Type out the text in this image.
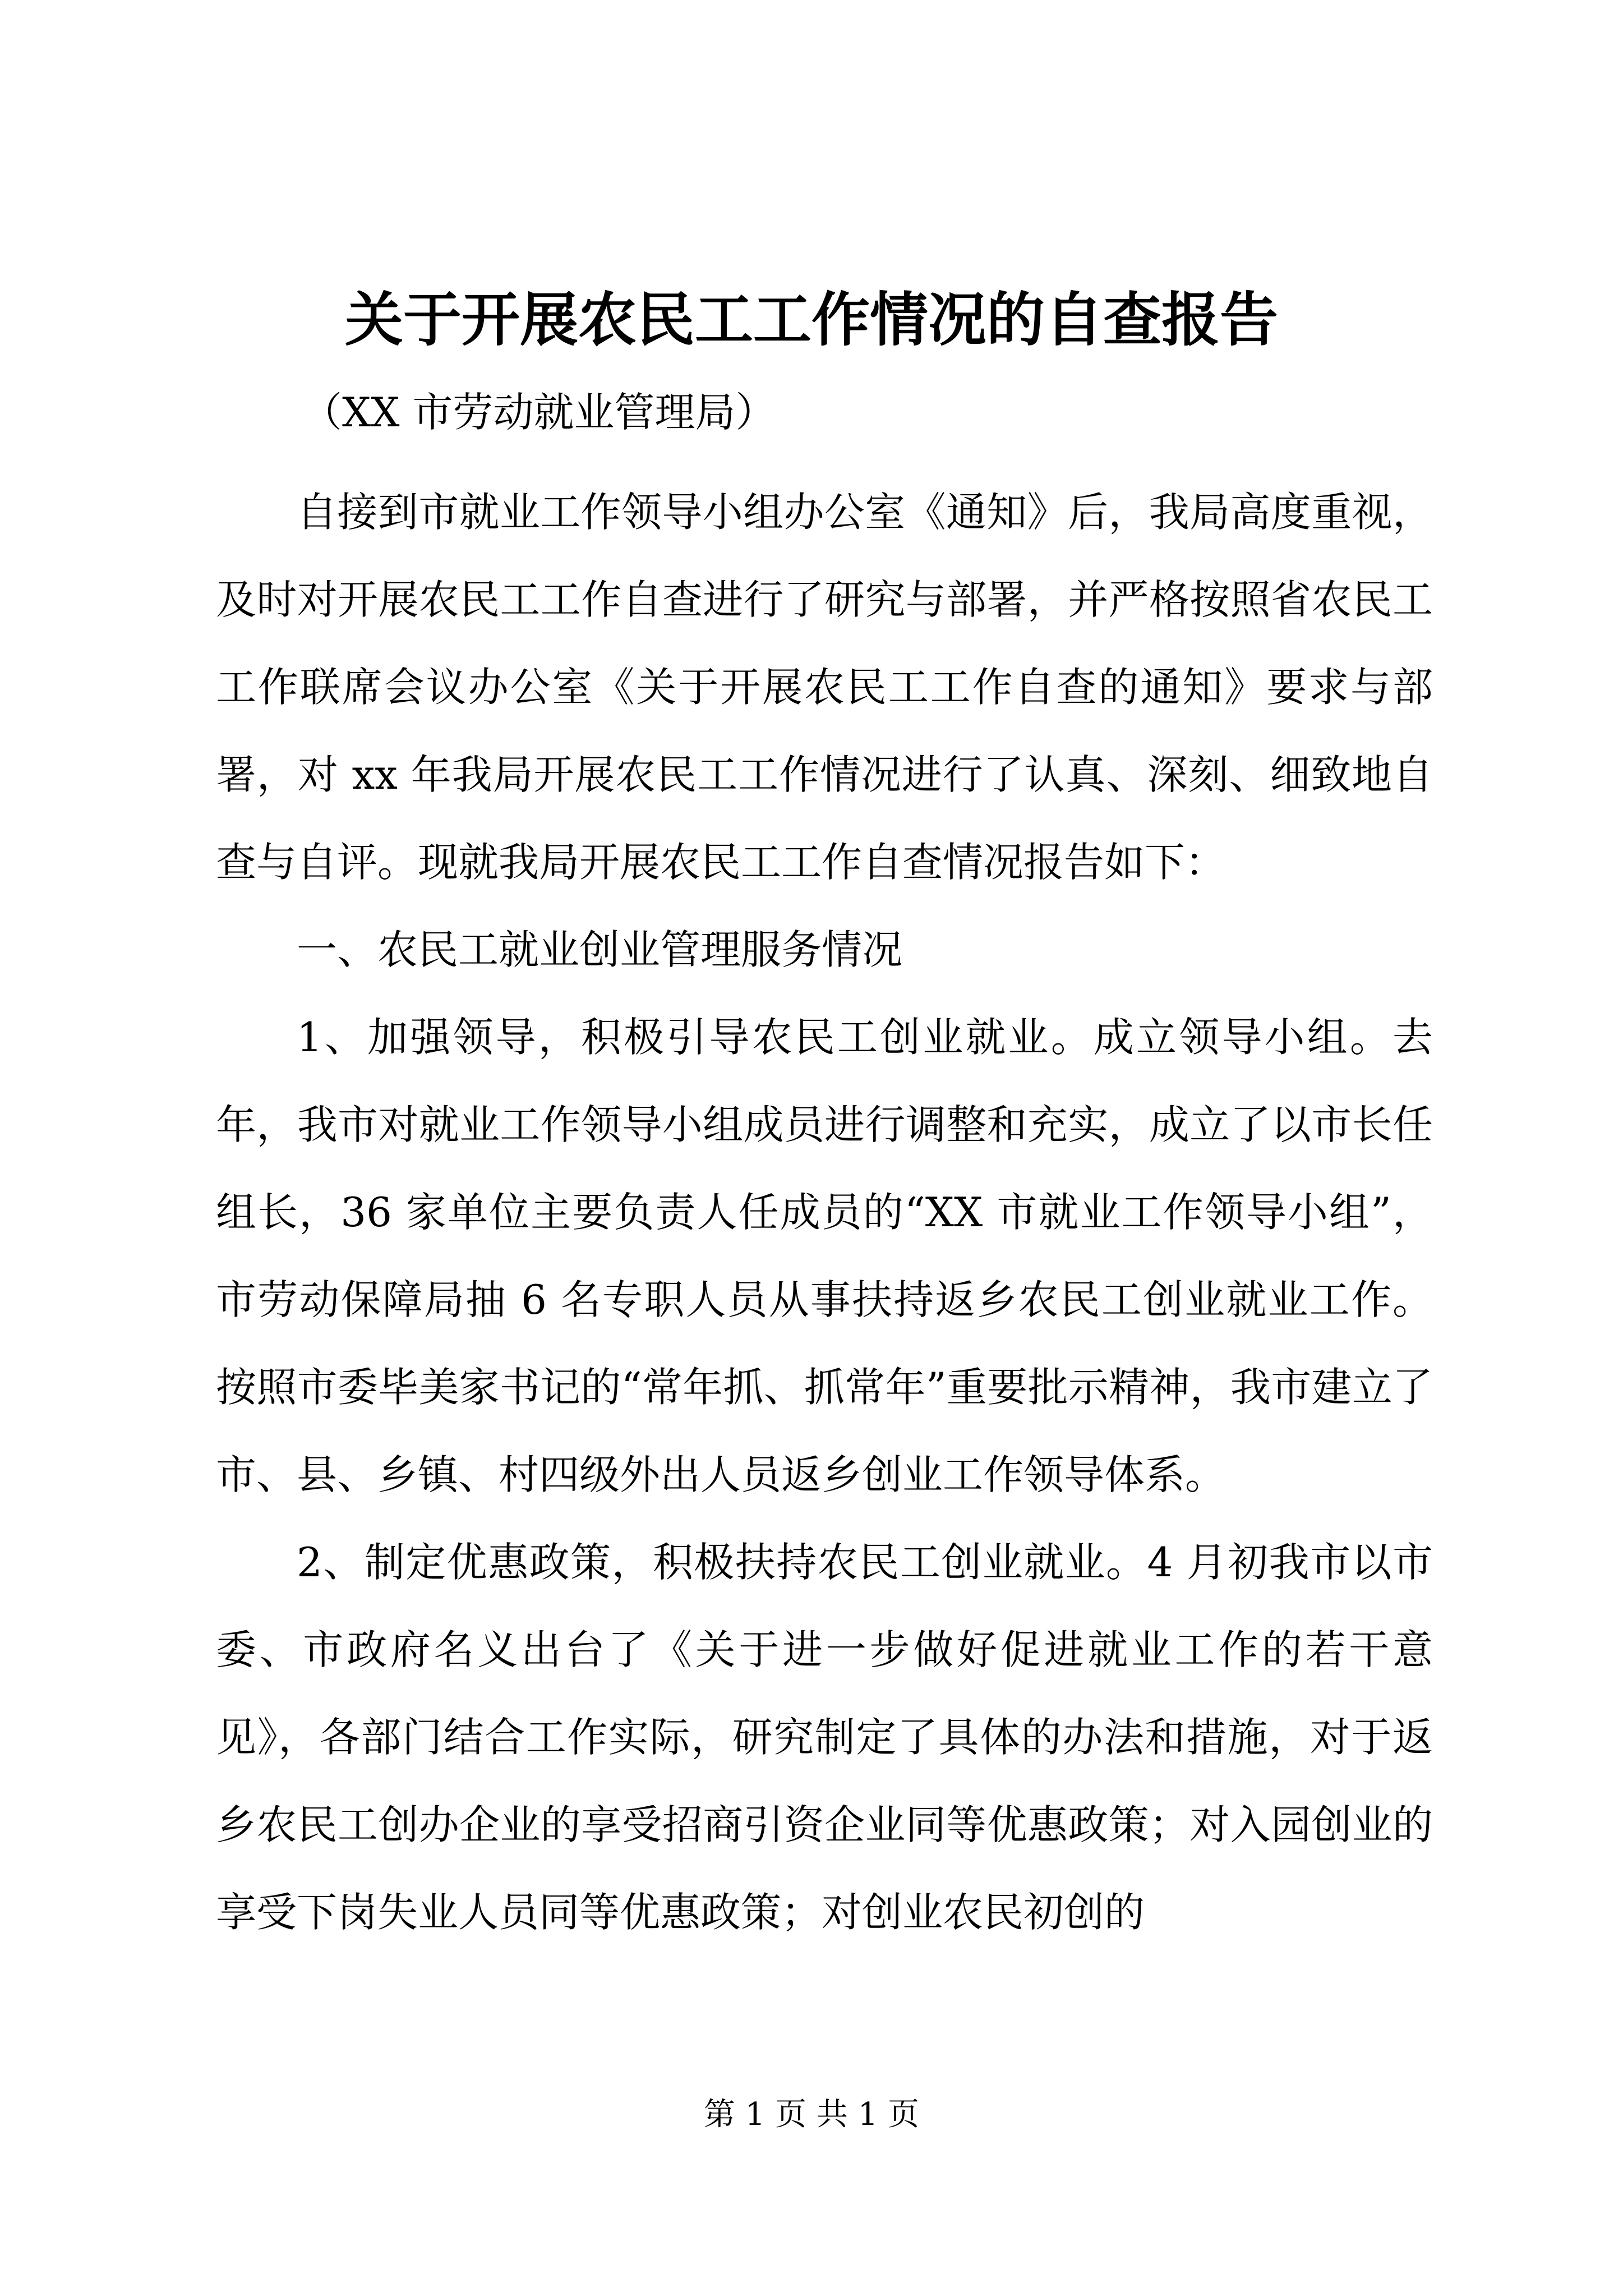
关于开展农民工工作情况的自查报告

（XX 市劳动就业管理局）

自接到市就业工作领导小组办公室《通知》后，我局高度重视，及时对开展农民工工作自查进行了研究与部署，并严格按照省农民工工作联席会议办公室《关于开展农民工工作自查的通知》要求与部署，对 xx 年我局开展农民工工作情况进行了认真、深刻、细致地自查与自评。现就我局开展农民工工作自查情况报告如下：

一、农民工就业创业管理服务情况

1、加强领导，积极引导农民工创业就业。成立领导小组。去年，我市对就业工作领导小组成员进行调整和充实，成立了以市长任组长，36 家单位主要负责人任成员的“XX 市就业工作领导小组”，市劳动保障局抽 6 名专职人员从事扶持返乡农民工创业就业工作。按照市委毕美家书记的“常年抓、抓常年”重要批示精神，我市建立了市、县、乡镇、村四级外出人员返乡创业工作领导体系。

2、制定优惠政策，积极扶持农民工创业就业。4 月初我市以市委、市政府名义出台了《关于进一步做好促进就业工作的若干意见》，各部门结合工作实际，研究制定了具体的办法和措施，对于返乡农民工创办企业的享受招商引资企业同等优惠政策；对入园创业的享受下岗失业人员同等优惠政策；对创业农民初创的

第 1 页 共 1 页
